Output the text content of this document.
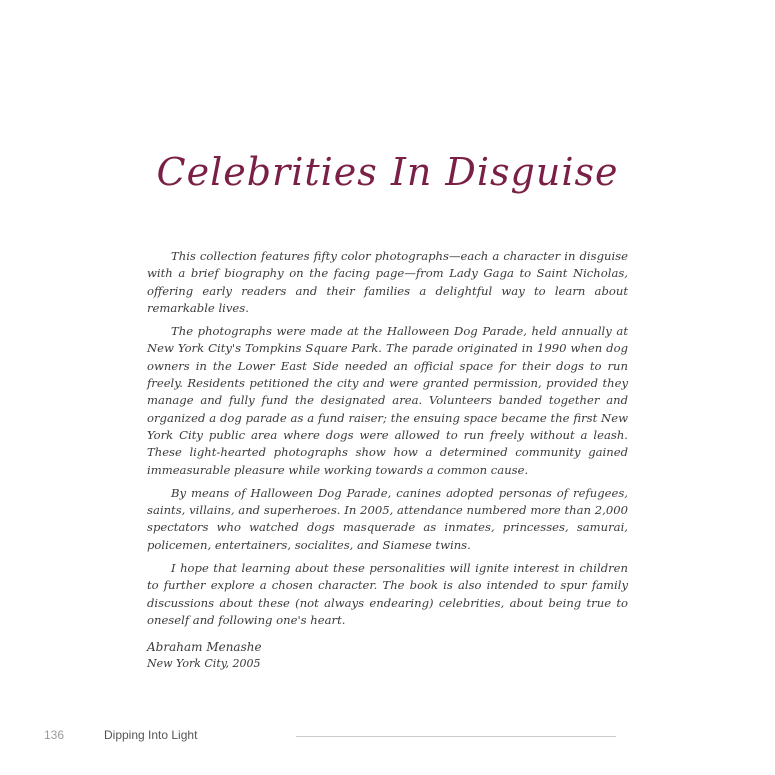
Celebrities In Disguise

This collection features fifty color photographs—each a character in disguise with a brief biography on the facing page—from Lady Gaga to Saint Nicholas, offering early readers and their families a delightful way to learn about remarkable lives.

The photographs were made at the Halloween Dog Parade, held annually at New York City's Tompkins Square Park. The parade originated in 1990 when dog owners in the Lower East Side needed an official space for their dogs to run freely. Residents petitioned the city and were granted permission, provided they manage and fully fund the designated area. Volunteers banded together and organized a dog parade as a fund raiser; the ensuing space became the first New York City public area where dogs were allowed to run freely without a leash. These light-hearted photographs show how a determined community gained immeasurable pleasure while working towards a common cause.

By means of Halloween Dog Parade, canines adopted personas of refugees, saints, villains, and superheroes. In 2005, attendance numbered more than 2,000 spectators who watched dogs masquerade as inmates, princesses, samurai, policemen, entertainers, socialites, and Siamese twins.

I hope that learning about these personalities will ignite interest in children to further explore a chosen character. The book is also intended to spur family discussions about these (not always endearing) celebrities, about being true to oneself and following one's heart.

Abraham Menashe
New York City, 2005
136	Dipping Into Light
